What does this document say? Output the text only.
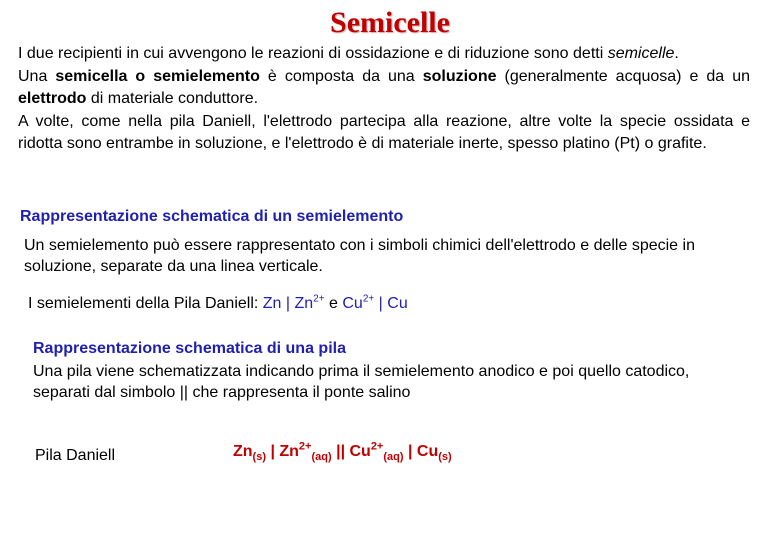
Semicelle

I due recipienti in cui avvengono le reazioni di ossidazione e di riduzione sono detti semicelle.

Una semicella o semielemento è composta da una soluzione (generalmente acquosa) e da un elettrodo di materiale conduttore.

A volte, come nella pila Daniell, l'elettrodo partecipa alla reazione, altre volte la specie ossidata e ridotta sono entrambe in soluzione, e l'elettrodo è di materiale inerte, spesso platino (Pt) o grafite.

Rappresentazione schematica di un semielemento
Un semielemento può essere rappresentato con i simboli chimici dell'elettrodo e delle specie in soluzione, separate da una linea verticale.
I semielementi della Pila Daniell: Zn | $Zn^{2+}$ e $Cu^{2+}$ | Cu
Rappresentazione schematica di una pila
Una pila viene schematizzata indicando prima il semielemento anodico e poi quello catodico, separati dal simbolo || che rappresenta il ponte salino
Pila Daniell	$Zn_{(s)}$ | $Zn^{2+}_{(aq)}$ || $Cu^{2+}_{(aq)}$ | $Cu_{(s)}$
